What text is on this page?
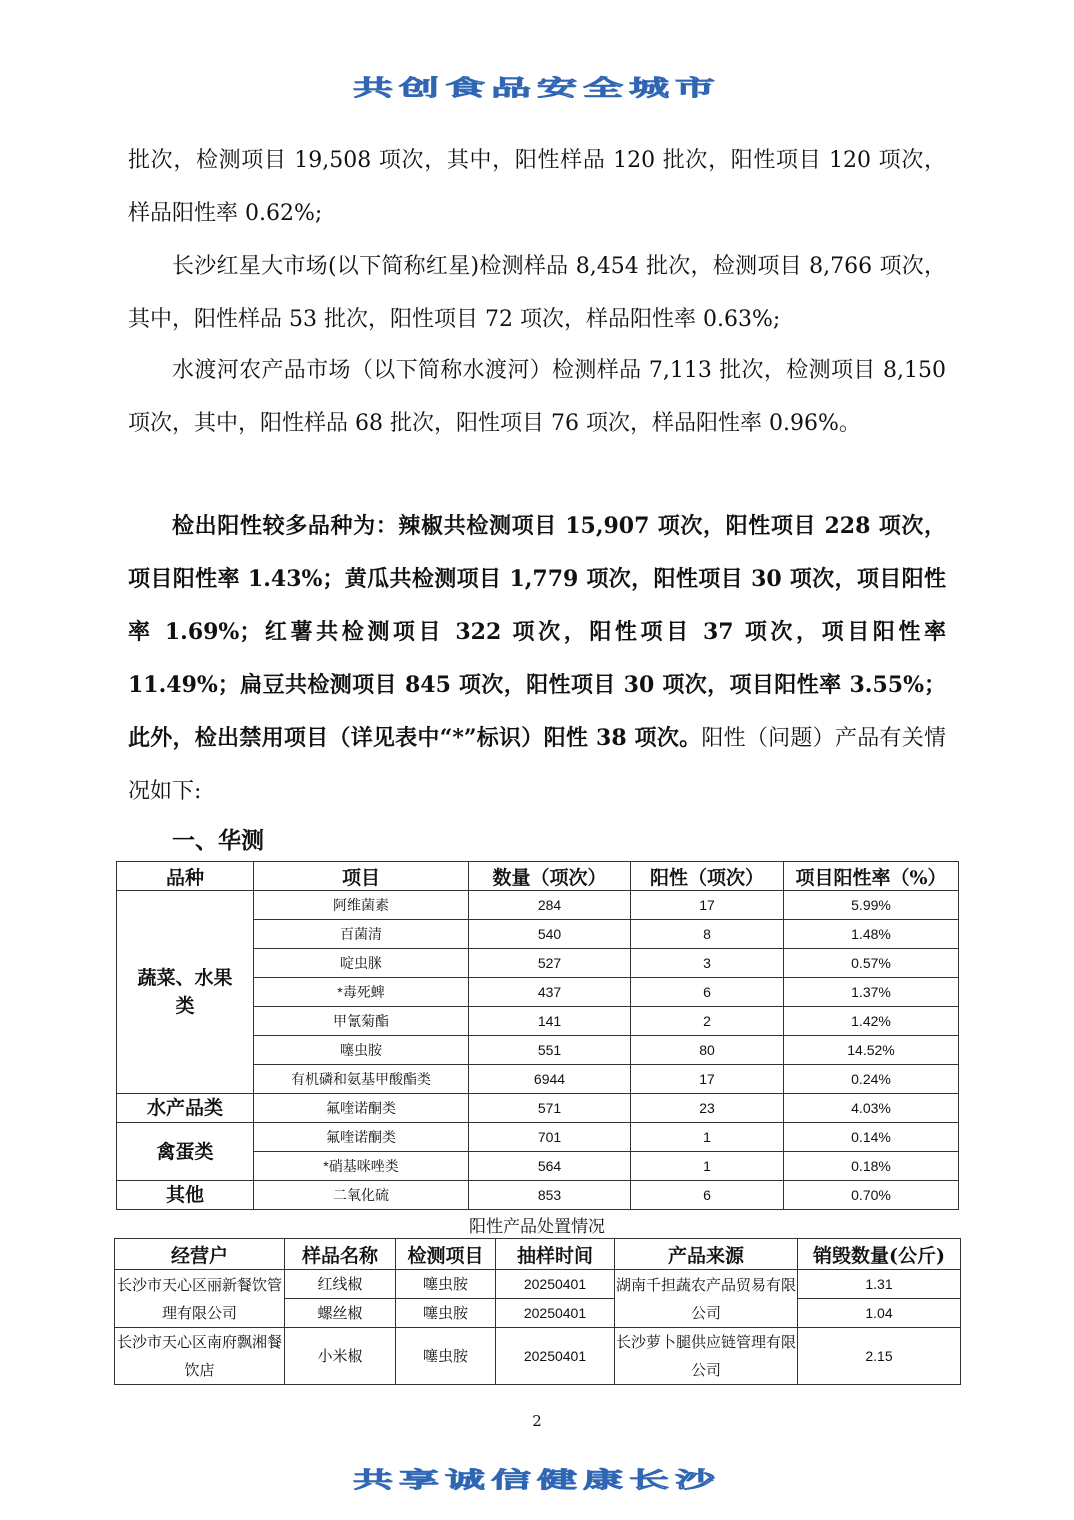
共创食品安全城市

批次，检测项目 19,508 项次，其中，阳性样品 120 批次，阳性项目 120 项次，样品阳性率 0.62%;

长沙红星大市场(以下简称红星)检测样品 8,454 批次，检测项目 8,766 项次，其中，阳性样品 53 批次，阳性项目 72 项次，样品阳性率 0.63%;

水渡河农产品市场（以下简称水渡河）检测样品 7,113 批次，检测项目 8,150 项次，其中，阳性样品 68 批次，阳性项目 76 项次，样品阳性率 0.96%。

检出阳性较多品种为：辣椒共检测项目 15,907 项次，阳性项目 228 项次，项目阳性率 1.43%；黄瓜共检测项目 1,779 项次，阳性项目 30 项次，项目阳性率 1.69%；红薯共检测项目 322 项次，阳性项目 37 项次，项目阳性率 11.49%；扁豆共检测项目 845 项次，阳性项目 30 项次，项目阳性率 3.55%；此外，检出禁用项目（详见表中“*”标识）阳性 38 项次。阳性（问题）产品有关情况如下:

一、华测

品种	项目	数量（项次）	阳性（项次）	项目阳性率（%）

蔬菜、水果类	阿维菌素	284	17	5.99%
	百菌清	540	8	1.48%
	啶虫脒	527	3	0.57%
	*毒死蜱	437	6	1.37%
	甲氰菊酯	141	2	1.42%
	噻虫胺	551	80	14.52%
	有机磷和氨基甲酸酯类	6944	17	0.24%
水产品类	氟喹诺酮类	571	23	4.03%
禽蛋类	氟喹诺酮类	701	1	0.14%
	*硝基咪唑类	564	1	0.18%
其他	二氧化硫	853	6	0.70%

阳性产品处置情况

经营户	样品名称	检测项目	抽样时间	产品来源	销毁数量(公斤)
长沙市天心区丽新餐饮管理有限公司	红线椒	噻虫胺	20250401	湖南千担蔬农产品贸易有限公司	1.31
	螺丝椒	噻虫胺	20250401		1.04
长沙市天心区南府飘湘餐饮店	小米椒	噻虫胺	20250401	长沙萝卜腿供应链管理有限公司	2.15
2
共享诚信健康长沙
